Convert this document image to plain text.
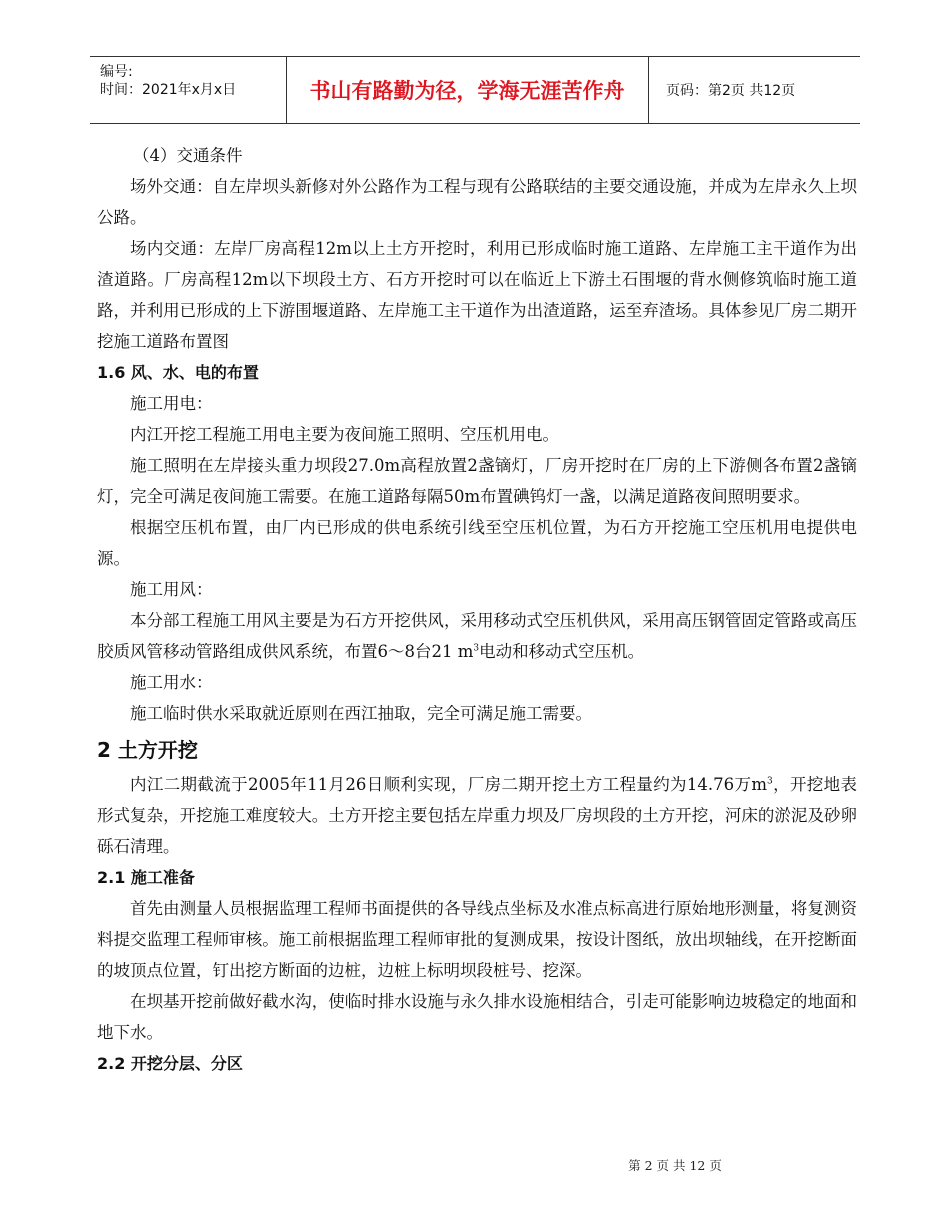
编号:
时间：2021年x月x日	书山有路勤为径，学海无涯苦作舟	页码：第2页 共12页

（4）交通条件

场外交通：自左岸坝头新修对外公路作为工程与现有公路联结的主要交通设施，并成为左岸永久上坝公路。

场内交通：左岸厂房高程12m以上土方开挖时，利用已形成临时施工道路、左岸施工主干道作为出渣道路。厂房高程12m以下坝段土方、石方开挖时可以在临近上下游土石围堰的背水侧修筑临时施工道路，并利用已形成的上下游围堰道路、左岸施工主干道作为出渣道路，运至弃渣场。具体参见厂房二期开挖施工道路布置图

1.6 风、水、电的布置

施工用电：

内江开挖工程施工用电主要为夜间施工照明、空压机用电。

施工照明在左岸接头重力坝段27.0m高程放置2盏镝灯，厂房开挖时在厂房的上下游侧各布置2盏镝灯，完全可满足夜间施工需要。在施工道路每隔50m布置碘钨灯一盏，以满足道路夜间照明要求。

根据空压机布置，由厂内已形成的供电系统引线至空压机位置，为石方开挖施工空压机用电提供电源。

施工用风：

本分部工程施工用风主要是为石方开挖供风，采用移动式空压机供风，采用高压钢管固定管路或高压胶质风管移动管路组成供风系统，布置6～8台21 $m^3$电动和移动式空压机。

施工用水：

施工临时供水采取就近原则在西江抽取，完全可满足施工需要。

2 土方开挖

内江二期截流于2005年11月26日顺利实现，厂房二期开挖土方工程量约为14.76万$m^3$，开挖地表形式复杂，开挖施工难度较大。土方开挖主要包括左岸重力坝及厂房坝段的土方开挖，河床的淤泥及砂卵砾石清理。

2.1 施工准备

首先由测量人员根据监理工程师书面提供的各导线点坐标及水准点标高进行原始地形测量，将复测资料提交监理工程师审核。施工前根据监理工程师审批的复测成果，按设计图纸，放出坝轴线，在开挖断面的坡顶点位置，钉出挖方断面的边桩，边桩上标明坝段桩号、挖深。

在坝基开挖前做好截水沟，使临时排水设施与永久排水设施相结合，引走可能影响边坡稳定的地面和地下水。

2.2 开挖分层、分区

第 2 页 共 12 页
